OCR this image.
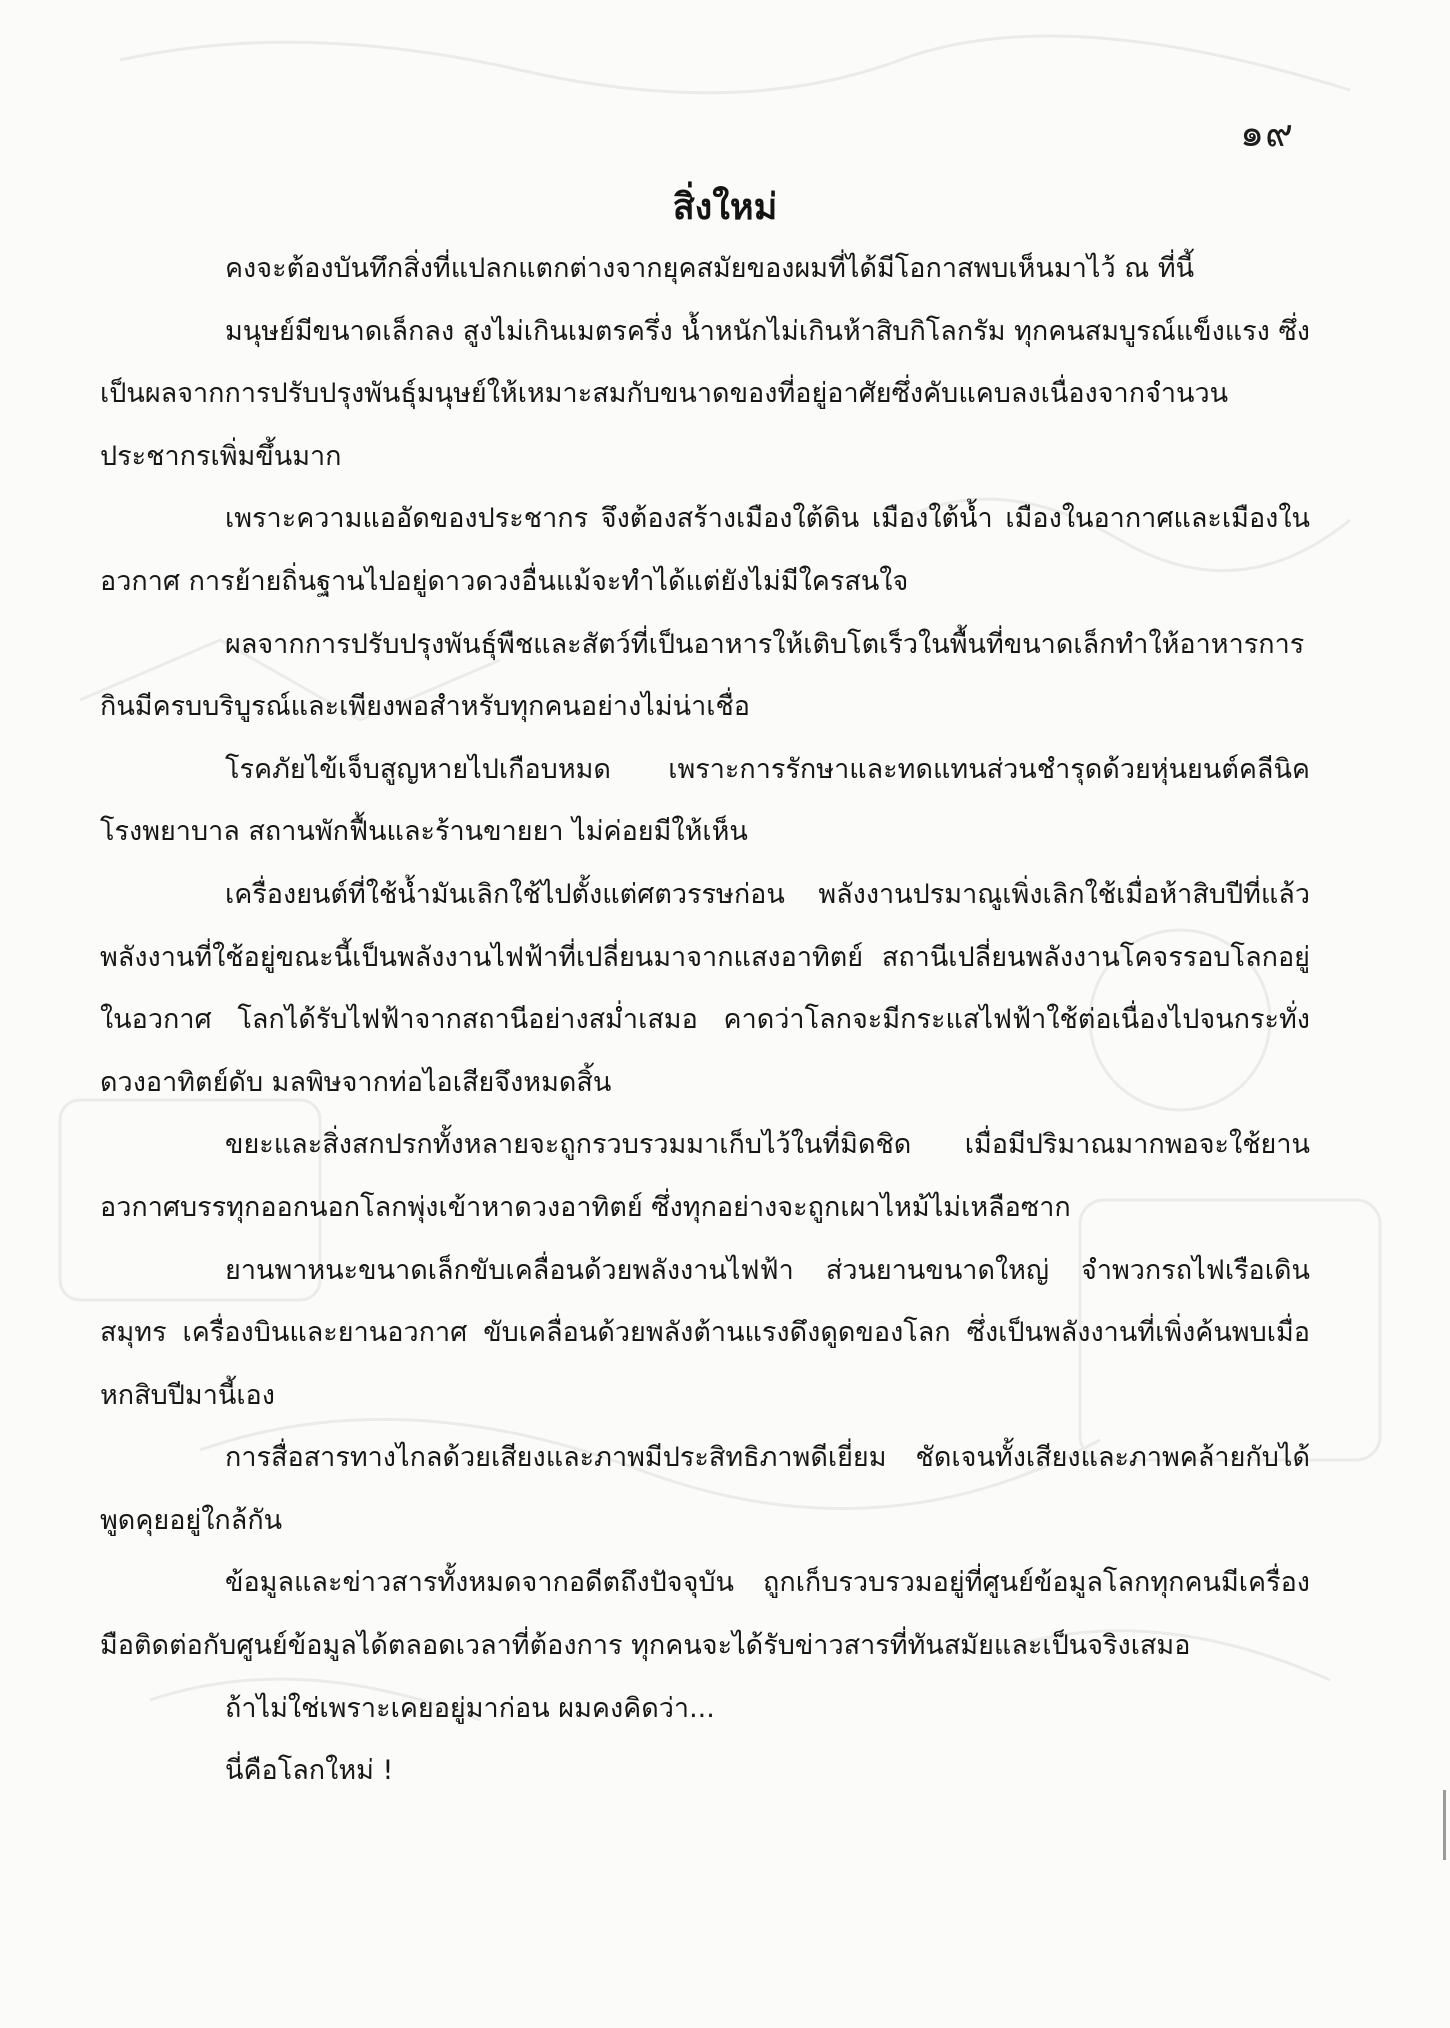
๑๙
สิ่งใหม่

คงจะต้องบันทึกสิ่งที่แปลกแตกต่างจากยุคสมัยของผมที่ได้มีโอกาสพบเห็นมาไว้ ณ ที่นี้

มนุษย์มีขนาดเล็กลง สูงไม่เกินเมตรครึ่ง น้ำหนักไม่เกินห้าสิบกิโลกรัม ทุกคนสมบูรณ์แข็งแรง ซึ่งเป็นผลจากการปรับปรุงพันธุ์มนุษย์ให้เหมาะสมกับขนาดของที่อยู่อาศัยซึ่งคับแคบลงเนื่องจากจำนวนประชากรเพิ่มขึ้นมาก

เพราะความแออัดของประชากร จึงต้องสร้างเมืองใต้ดิน เมืองใต้น้ำ เมืองในอากาศและเมืองในอวกาศ การย้ายถิ่นฐานไปอยู่ดาวดวงอื่นแม้จะทำได้แต่ยังไม่มีใครสนใจ

ผลจากการปรับปรุงพันธุ์พืชและสัตว์ที่เป็นอาหารให้เติบโตเร็วในพื้นที่ขนาดเล็กทำให้อาหารการกินมีครบบริบูรณ์และเพียงพอสำหรับทุกคนอย่างไม่น่าเชื่อ

โรคภัยไข้เจ็บสูญหายไปเกือบหมด เพราะการรักษาและทดแทนส่วนชำรุดด้วยหุ่นยนต์คลีนิค โรงพยาบาล สถานพักฟื้นและร้านขายยา ไม่ค่อยมีให้เห็น

เครื่องยนต์ที่ใช้น้ำมันเลิกใช้ไปตั้งแต่ศตวรรษก่อน พลังงานปรมาณูเพิ่งเลิกใช้เมื่อห้าสิบปีที่แล้ว พลังงานที่ใช้อยู่ขณะนี้เป็นพลังงานไฟฟ้าที่เปลี่ยนมาจากแสงอาทิตย์ สถานีเปลี่ยนพลังงานโคจรรอบโลกอยู่ในอวกาศ โลกได้รับไฟฟ้าจากสถานีอย่างสม่ำเสมอ คาดว่าโลกจะมีกระแสไฟฟ้าใช้ต่อเนื่องไปจนกระทั่งดวงอาทิตย์ดับ มลพิษจากท่อไอเสียจึงหมดสิ้น

ขยะและสิ่งสกปรกทั้งหลายจะถูกรวบรวมมาเก็บไว้ในที่มิดชิด เมื่อมีปริมาณมากพอจะใช้ยานอวกาศบรรทุกออกนอกโลกพุ่งเข้าหาดวงอาทิตย์ ซึ่งทุกอย่างจะถูกเผาไหม้ไม่เหลือซาก

ยานพาหนะขนาดเล็กขับเคลื่อนด้วยพลังงานไฟฟ้า ส่วนยานขนาดใหญ่ จำพวกรถไฟเรือเดินสมุทร เครื่องบินและยานอวกาศ ขับเคลื่อนด้วยพลังต้านแรงดึงดูดของโลก ซึ่งเป็นพลังงานที่เพิ่งค้นพบเมื่อหกสิบปีมานี้เอง

การสื่อสารทางไกลด้วยเสียงและภาพมีประสิทธิภาพดีเยี่ยม ชัดเจนทั้งเสียงและภาพคล้ายกับได้พูดคุยอยู่ใกล้กัน

ข้อมูลและข่าวสารทั้งหมดจากอดีตถึงปัจจุบัน ถูกเก็บรวบรวมอยู่ที่ศูนย์ข้อมูลโลกทุกคนมีเครื่องมือติดต่อกับศูนย์ข้อมูลได้ตลอดเวลาที่ต้องการ ทุกคนจะได้รับข่าวสารที่ทันสมัยและเป็นจริงเสมอ

ถ้าไม่ใช่เพราะเคยอยู่มาก่อน ผมคงคิดว่า...

นี่คือโลกใหม่ !
